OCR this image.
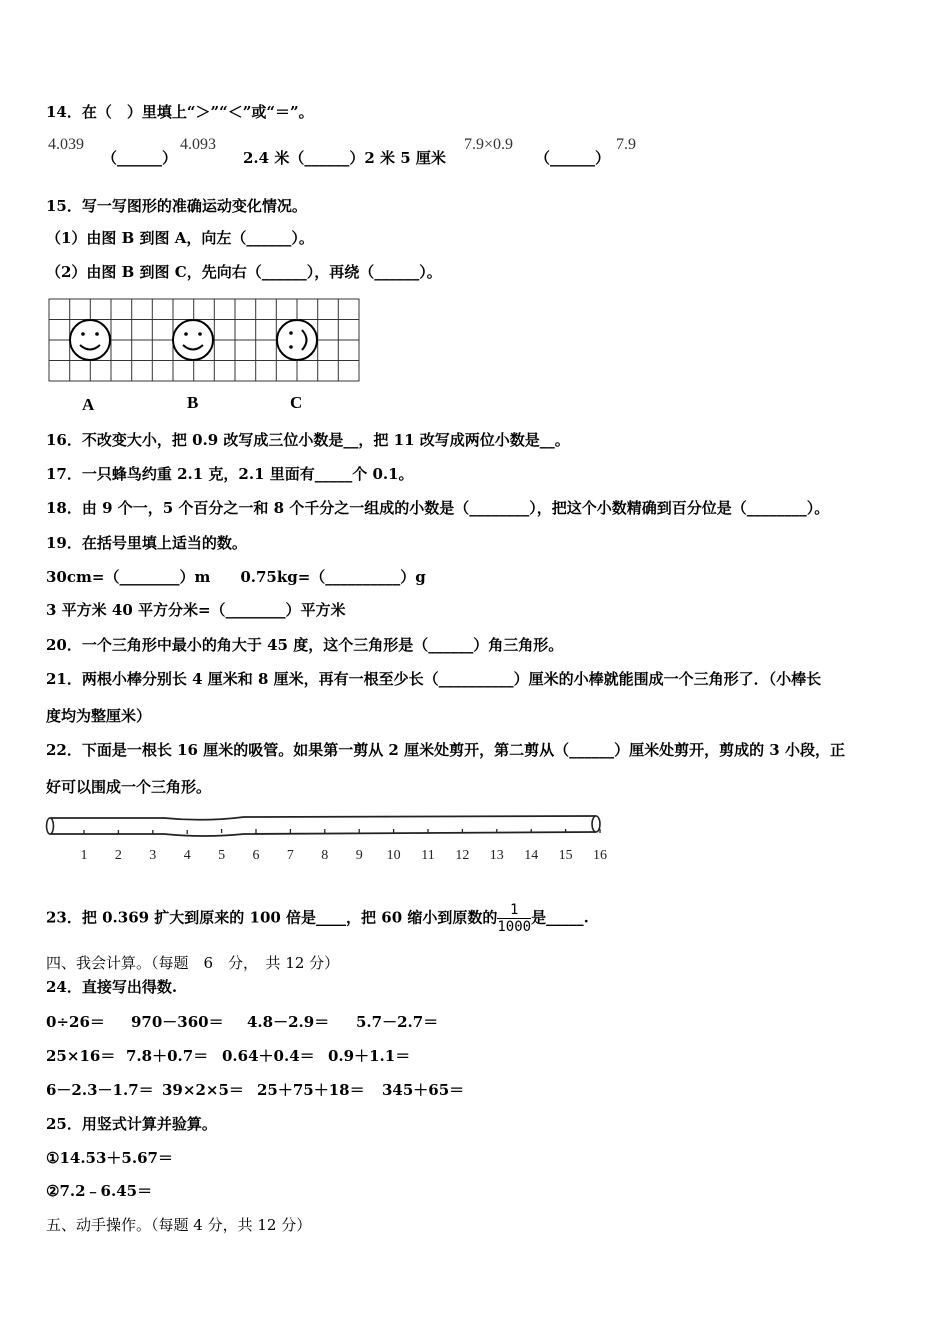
14．在（　）里填上“＞”“＜”或“＝”。
4.039
（______）
4.093
2.4 米（______）2 米 5 厘米
7.9×0.9
（______）
7.9
15．写一写图形的准确运动变化情况。
（1）由图 B 到图 A，向左（______）。
（2）由图 B 到图 C，先向右（______），再绕（______）。
A	B	C
16．不改变大小，把 0.9 改写成三位小数是__，把 11 改写成两位小数是__。
17．一只蜂鸟约重 2.1 克，2.1 里面有_____个 0.1。
18．由 9 个一，5 个百分之一和 8 个千分之一组成的小数是（________），把这个小数精确到百分位是（________）。
19．在括号里填上适当的数。
30cm=（________）m　　0.75kg=（__________）g
3 平方米 40 平方分米=（________）平方米
20．一个三角形中最小的角大于 45 度，这个三角形是（______）角三角形。
21．两根小棒分别长 4 厘米和 8 厘米，再有一根至少长（__________）厘米的小棒就能围成一个三角形了．（小棒长
度均为整厘米）
22．下面是一根长 16 厘米的吸管。如果第一剪从 2 厘米处剪开，第二剪从（______）厘米处剪开，剪成的 3 小段，正
好可以围成一个三角形。
1 2 3 4 5 6 7 8 9 10 11 12 13 14 15 16
23．把 0.369 扩大到原来的 100 倍是____，把 60 缩小到原数的 $\frac{1}{1000}$ 是_____.
四、我会计算。（每题　6　分，　共 12 分）
24．直接写出得数.
0÷26＝ 970－360＝ 4.8－2.9＝ 5.7－2.7＝
25×16＝ 7.8＋0.7＝ 0.64＋0.4＝ 0.9＋1.1＝
6－2.3－1.7＝ 39×2×5＝ 25＋75＋18＝ 345＋65＝
25．用竖式计算并验算。
①14.53＋5.67＝
②7.2﹣6.45＝
五、动手操作。（每题 4 分，共 12 分）
